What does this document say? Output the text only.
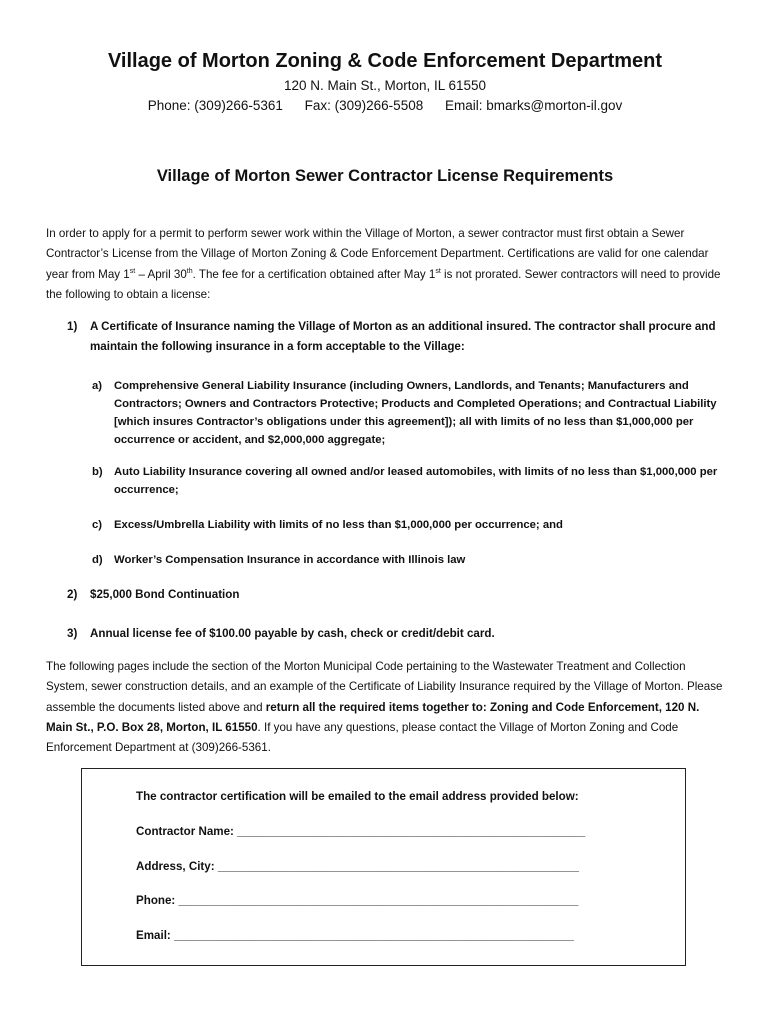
Village of Morton Zoning & Code Enforcement Department
120 N. Main St., Morton, IL 61550
Phone: (309)266-5361 Fax: (309)266-5508 Email: bmarks@morton-il.gov
Village of Morton Sewer Contractor License Requirements
In order to apply for a permit to perform sewer work within the Village of Morton, a sewer contractor must first obtain a Sewer Contractor’s License from the Village of Morton Zoning & Code Enforcement Department. Certifications are valid for one calendar year from May 1st – April 30th. The fee for a certification obtained after May 1st is not prorated. Sewer contractors will need to provide the following to obtain a license:
1) A Certificate of Insurance naming the Village of Morton as an additional insured. The contractor shall procure and maintain the following insurance in a form acceptable to the Village:
a) Comprehensive General Liability Insurance (including Owners, Landlords, and Tenants; Manufacturers and Contractors; Owners and Contractors Protective; Products and Completed Operations; and Contractual Liability [which insures Contractor’s obligations under this agreement]); all with limits of no less than $1,000,000 per occurrence or accident, and $2,000,000 aggregate;
b) Auto Liability Insurance covering all owned and/or leased automobiles, with limits of no less than $1,000,000 per occurrence;
c) Excess/Umbrella Liability with limits of no less than $1,000,000 per occurrence; and
d) Worker’s Compensation Insurance in accordance with Illinois law
2) $25,000 Bond Continuation
3) Annual license fee of $100.00 payable by cash, check or credit/debit card.
The following pages include the section of the Morton Municipal Code pertaining to the Wastewater Treatment and Collection System, sewer construction details, and an example of the Certificate of Liability Insurance required by the Village of Morton. Please assemble the documents listed above and return all the required items together to: Zoning and Code Enforcement, 120 N. Main St., P.O. Box 28, Morton, IL 61550. If you have any questions, please contact the Village of Morton Zoning and Code Enforcement Department at (309)266-5361.
The contractor certification will be emailed to the email address provided below:
Contractor Name: ______________________________________________________
Address, City: ________________________________________________________
Phone: ______________________________________________________________
Email: ______________________________________________________________
